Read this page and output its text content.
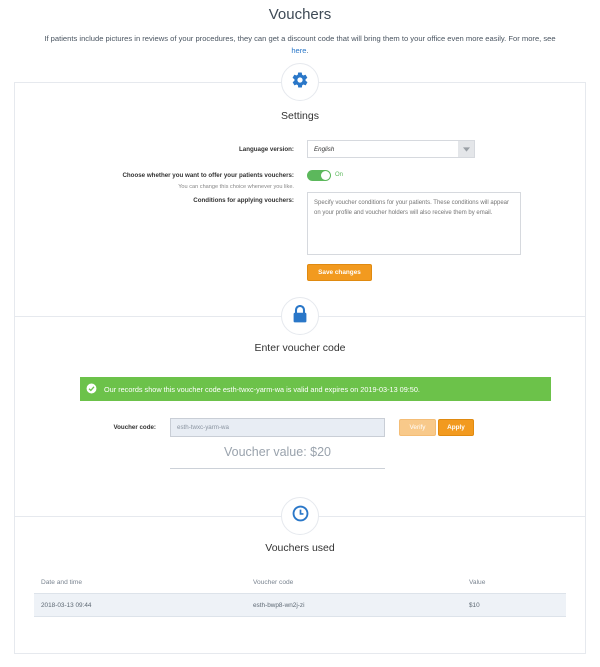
Vouchers
If patients include pictures in reviews of your procedures, they can get a discount code that will bring them to your office even more easily. For more, see here.
Settings
Language version:	English
Choose whether you want to offer your patients vouchers:
You can change this choice whenever you like.
On
Conditions for applying vouchers:
Specify voucher conditions for your patients. These conditions will appear on your profile and voucher holders will also receive them by email.
Save changes
Enter voucher code
Our records show this voucher code esth-twxc-yarm-wa is valid and expires on 2019-03-13 09:50.
Voucher code:	esth-twxc-yarm-wa	Verify	Apply
Voucher value: $20
Vouchers used
Date and time	Voucher code	Value
2018-03-13 09:44	esth-bwp8-wn2j-zi	$10
